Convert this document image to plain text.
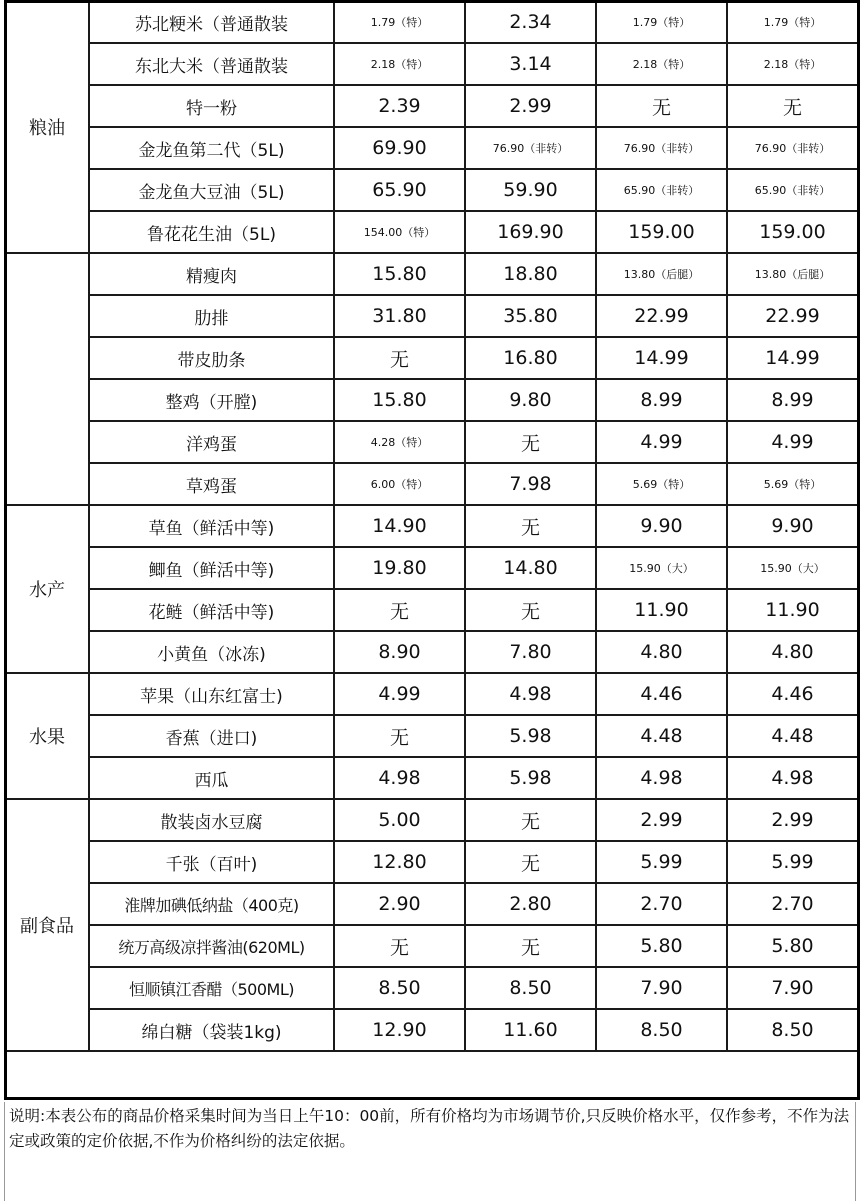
粮油	苏北粳米（普通散装	1.79（特）	2.34	1.79（特）	1.79（特）
	东北大米（普通散装	2.18（特）	3.14	2.18（特）	2.18（特）
	特一粉	2.39	2.99	无	无
	金龙鱼第二代（5L)	69.90	76.90（非转）	76.90（非转）	76.90（非转）
	金龙鱼大豆油（5L)	65.90	59.90	65.90（非转）	65.90（非转）
	鲁花花生油（5L)	154.00（特）	169.90	159.00	159.00
	精瘦肉	15.80	18.80	13.80（后腿）	13.80（后腿）
	肋排	31.80	35.80	22.99	22.99
	带皮肋条	无	16.80	14.99	14.99
	整鸡（开膛)	15.80	9.80	8.99	8.99
	洋鸡蛋	4.28（特）	无	4.99	4.99
	草鸡蛋	6.00（特）	7.98	5.69（特）	5.69（特）
水产	草鱼（鲜活中等)	14.90	无	9.90	9.90
	鲫鱼（鲜活中等)	19.80	14.80	15.90（大）	15.90（大）
	花鲢（鲜活中等)	无	无	11.90	11.90
	小黄鱼（冰冻)	8.90	7.80	4.80	4.80
水果	苹果（山东红富士)	4.99	4.98	4.46	4.46
	香蕉（进口)	无	5.98	4.48	4.48
	西瓜	4.98	5.98	4.98	4.98
副食品	散装卤水豆腐	5.00	无	2.99	2.99
	千张（百叶)	12.80	无	5.99	5.99
	淮牌加碘低纳盐（400克)	2.90	2.80	2.70	2.70
	统万高级凉拌酱油(620ML)	无	无	5.80	5.80
	恒顺镇江香醋（500ML)	8.50	8.50	7.90	7.90
	绵白糖（袋装1kg)	12.90	11.60	8.50	8.50
说明:本表公布的商品价格采集时间为当日上午10：00前，所有价格均为市场调节价,只反映价格水平，仅作参考，不作为法定或政策的定价依据,不作为价格纠纷的法定依据。
